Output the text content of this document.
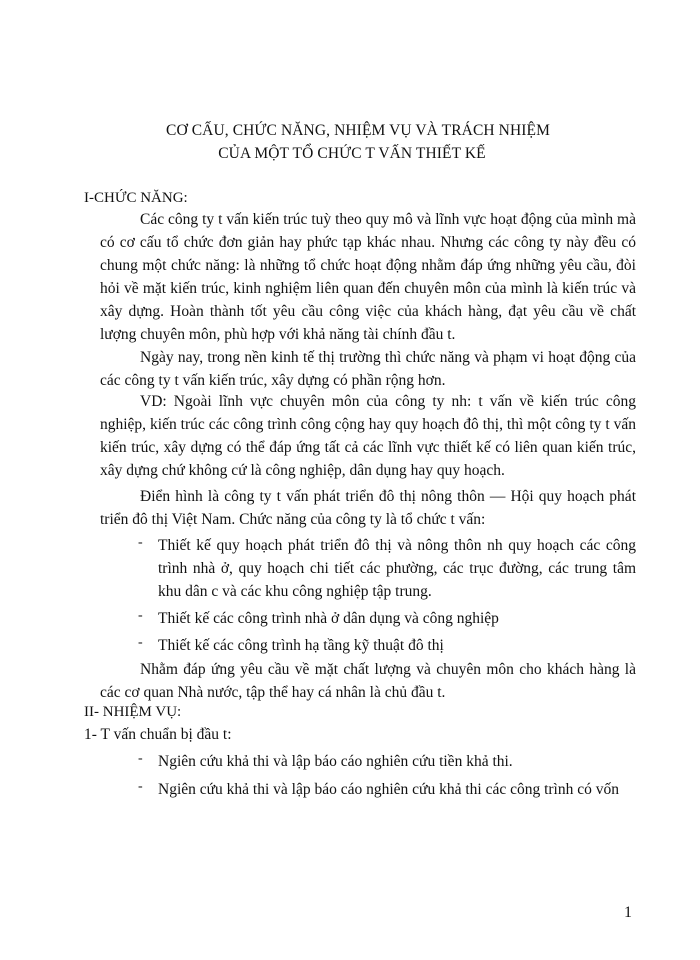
CƠ CẤU, CHỨC NĂNG, NHIỆM VỤ VÀ TRÁCH NHIỆM
CỦA MỘT TỔ CHỨC T VẤN THIẾT KẾ
I-CHỨC NĂNG:
Các công ty t vấn kiến trúc tuỳ theo quy mô và lĩnh vực hoạt động của mình mà có cơ cấu tổ chức đơn giản hay phức tạp khác nhau. Nhưng các công ty này đều có chung một chức năng: là những tổ chức hoạt động nhằm đáp ứng những yêu cầu, đòi hỏi về mặt kiến trúc, kinh nghiệm liên quan đến chuyên môn của mình là kiến trúc và xây dựng. Hoàn thành tốt yêu cầu công việc của khách hàng, đạt yêu cầu về chất lượng chuyên môn, phù hợp với khả năng tài chính đầu t.
Ngày nay, trong nền kinh tế thị trường thì chức năng và phạm vi hoạt động của các công ty t vấn kiến trúc, xây dựng có phần rộng hơn.
VD: Ngoài lĩnh vực chuyên môn của công ty nh: t vấn về kiến trúc công nghiệp, kiến trúc các công trình công cộng hay quy hoạch đô thị, thì một công ty t vấn kiến trúc, xây dựng có thể đáp ứng tất cả các lĩnh vực thiết kế có liên quan kiến trúc, xây dựng chứ không cứ là công nghiệp, dân dụng hay quy hoạch.
Điển hình là công ty t vấn phát triển đô thị nông thôn — Hội quy hoạch phát triển đô thị Việt Nam. Chức năng của công ty là tổ chức t vấn:
- Thiết kế quy hoạch phát triển đô thị và nông thôn nh quy hoạch các công trình nhà ở, quy hoạch chi tiết các phường, các trục đường, các trung tâm khu dân c và các khu công nghiệp tập trung.
- Thiết kế các công trình nhà ở dân dụng và công nghiệp
- Thiết kế các công trình hạ tầng kỹ thuật đô thị
Nhằm đáp ứng yêu cầu về mặt chất lượng và chuyên môn cho khách hàng là các cơ quan Nhà nước, tập thể hay cá nhân là chủ đầu t.
II- NHIỆM VỤ:
1- T vấn chuẩn bị đầu t:
- Ngiên cứu khả thi và lập báo cáo nghiên cứu tiền khả thi.
- Ngiên cứu khả thi và lập báo cáo nghiên cứu khả thi các công trình có vốn
1
